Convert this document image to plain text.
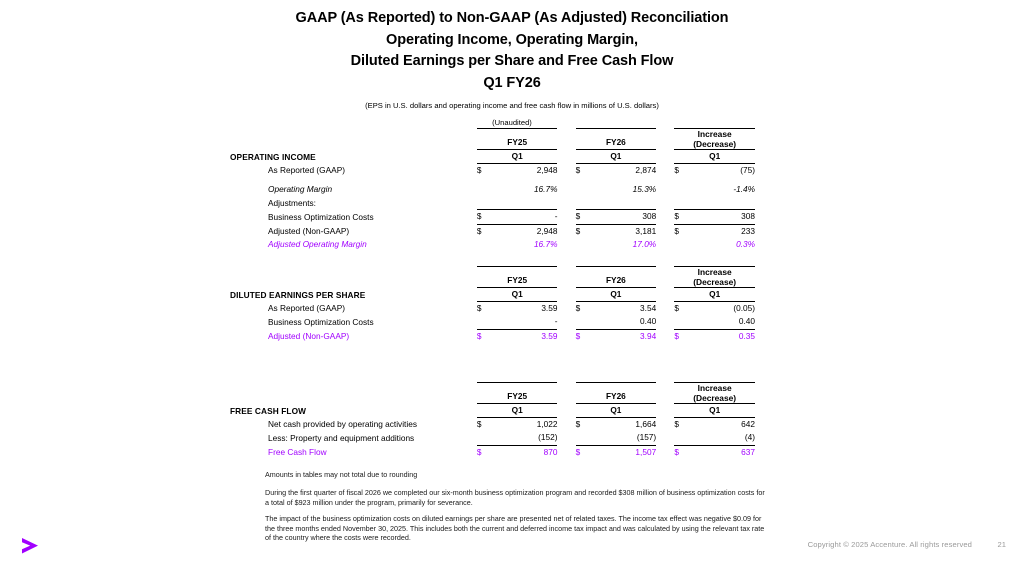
GAAP (As Reported) to Non-GAAP (As Adjusted) Reconciliation
Operating Income, Operating Margin,
Diluted Earnings per Share and Free Cash Flow
Q1 FY26
(EPS in U.S. dollars and operating income and free cash flow in millions of U.S. dollars)
(Unaudited)
OPERATING INCOME	FY25			FY26			Increase
(Decrease)	

	Q1			Q1			Q1	
As Reported (GAAP)	$	2,948		$	2,874		$	(75)

Operating Margin		16.7%			15.3%			-1.4%
Adjustments:								
Business Optimization Costs	$	-		$	308		$	308
Adjusted (Non-GAAP)	$	2,948		$	3,181		$	233
Adjusted Operating Margin		16.7%			17.0%			0.3%
DILUTED EARNINGS PER SHARE	FY25			FY26			Increase
(Decrease)	

	Q1			Q1			Q1	
As Reported (GAAP)	$	3.59		$	3.54		$	(0.05)
Business Optimization Costs		-			0.40			0.40
Adjusted (Non-GAAP)	$	3.59		$	3.94		$	0.35
FREE CASH FLOW	FY25			FY26			Increase
(Decrease)	

	Q1			Q1			Q1	
Net cash provided by operating activities	$	1,022		$	1,664		$	642
Less: Property and equipment additions		(152)			(157)			(4)
Free Cash Flow	$	870		$	1,507		$	637

Amounts in tables may not total due to rounding

During the first quarter of fiscal 2026 we completed our six-month business optimization program and recorded $308 million of business optimization costs for a total of $923 million under the program, primarily for severance.

The impact of the business optimization costs on diluted earnings per share are presented net of related taxes. The income tax effect was negative $0.09 for the three months ended November 30, 2025. This includes both the current and deferred income tax impact and was calculated by using the relevant tax rate of the country where the costs were recorded.

Copyright © 2025 Accenture. All rights reserved	21
